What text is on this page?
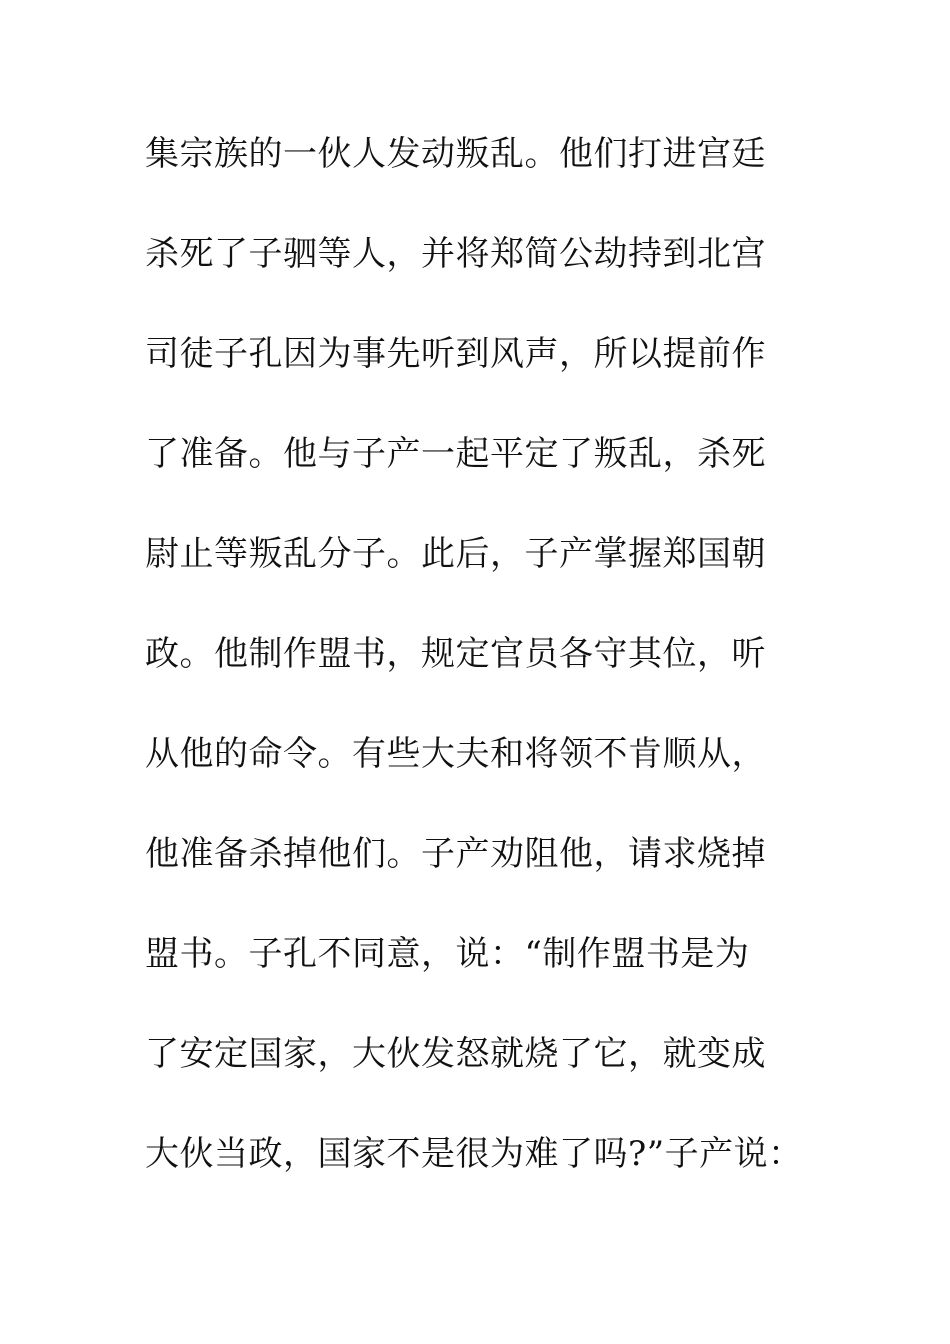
集宗族的一伙人发动叛乱。他们打进宫廷
杀死了子驷等人，并将郑简公劫持到北宫
司徒子孔因为事先听到风声，所以提前作
了准备。他与子产一起平定了叛乱，杀死
尉止等叛乱分子。此后，子产掌握郑国朝
政。他制作盟书，规定官员各守其位，听
从他的命令。有些大夫和将领不肯顺从，
他准备杀掉他们。子产劝阻他，请求烧掉
盟书。子孔不同意，说：“制作盟书是为
了安定国家，大伙发怒就烧了它，就变成
大伙当政，国家不是很为难了吗?”子产说：
